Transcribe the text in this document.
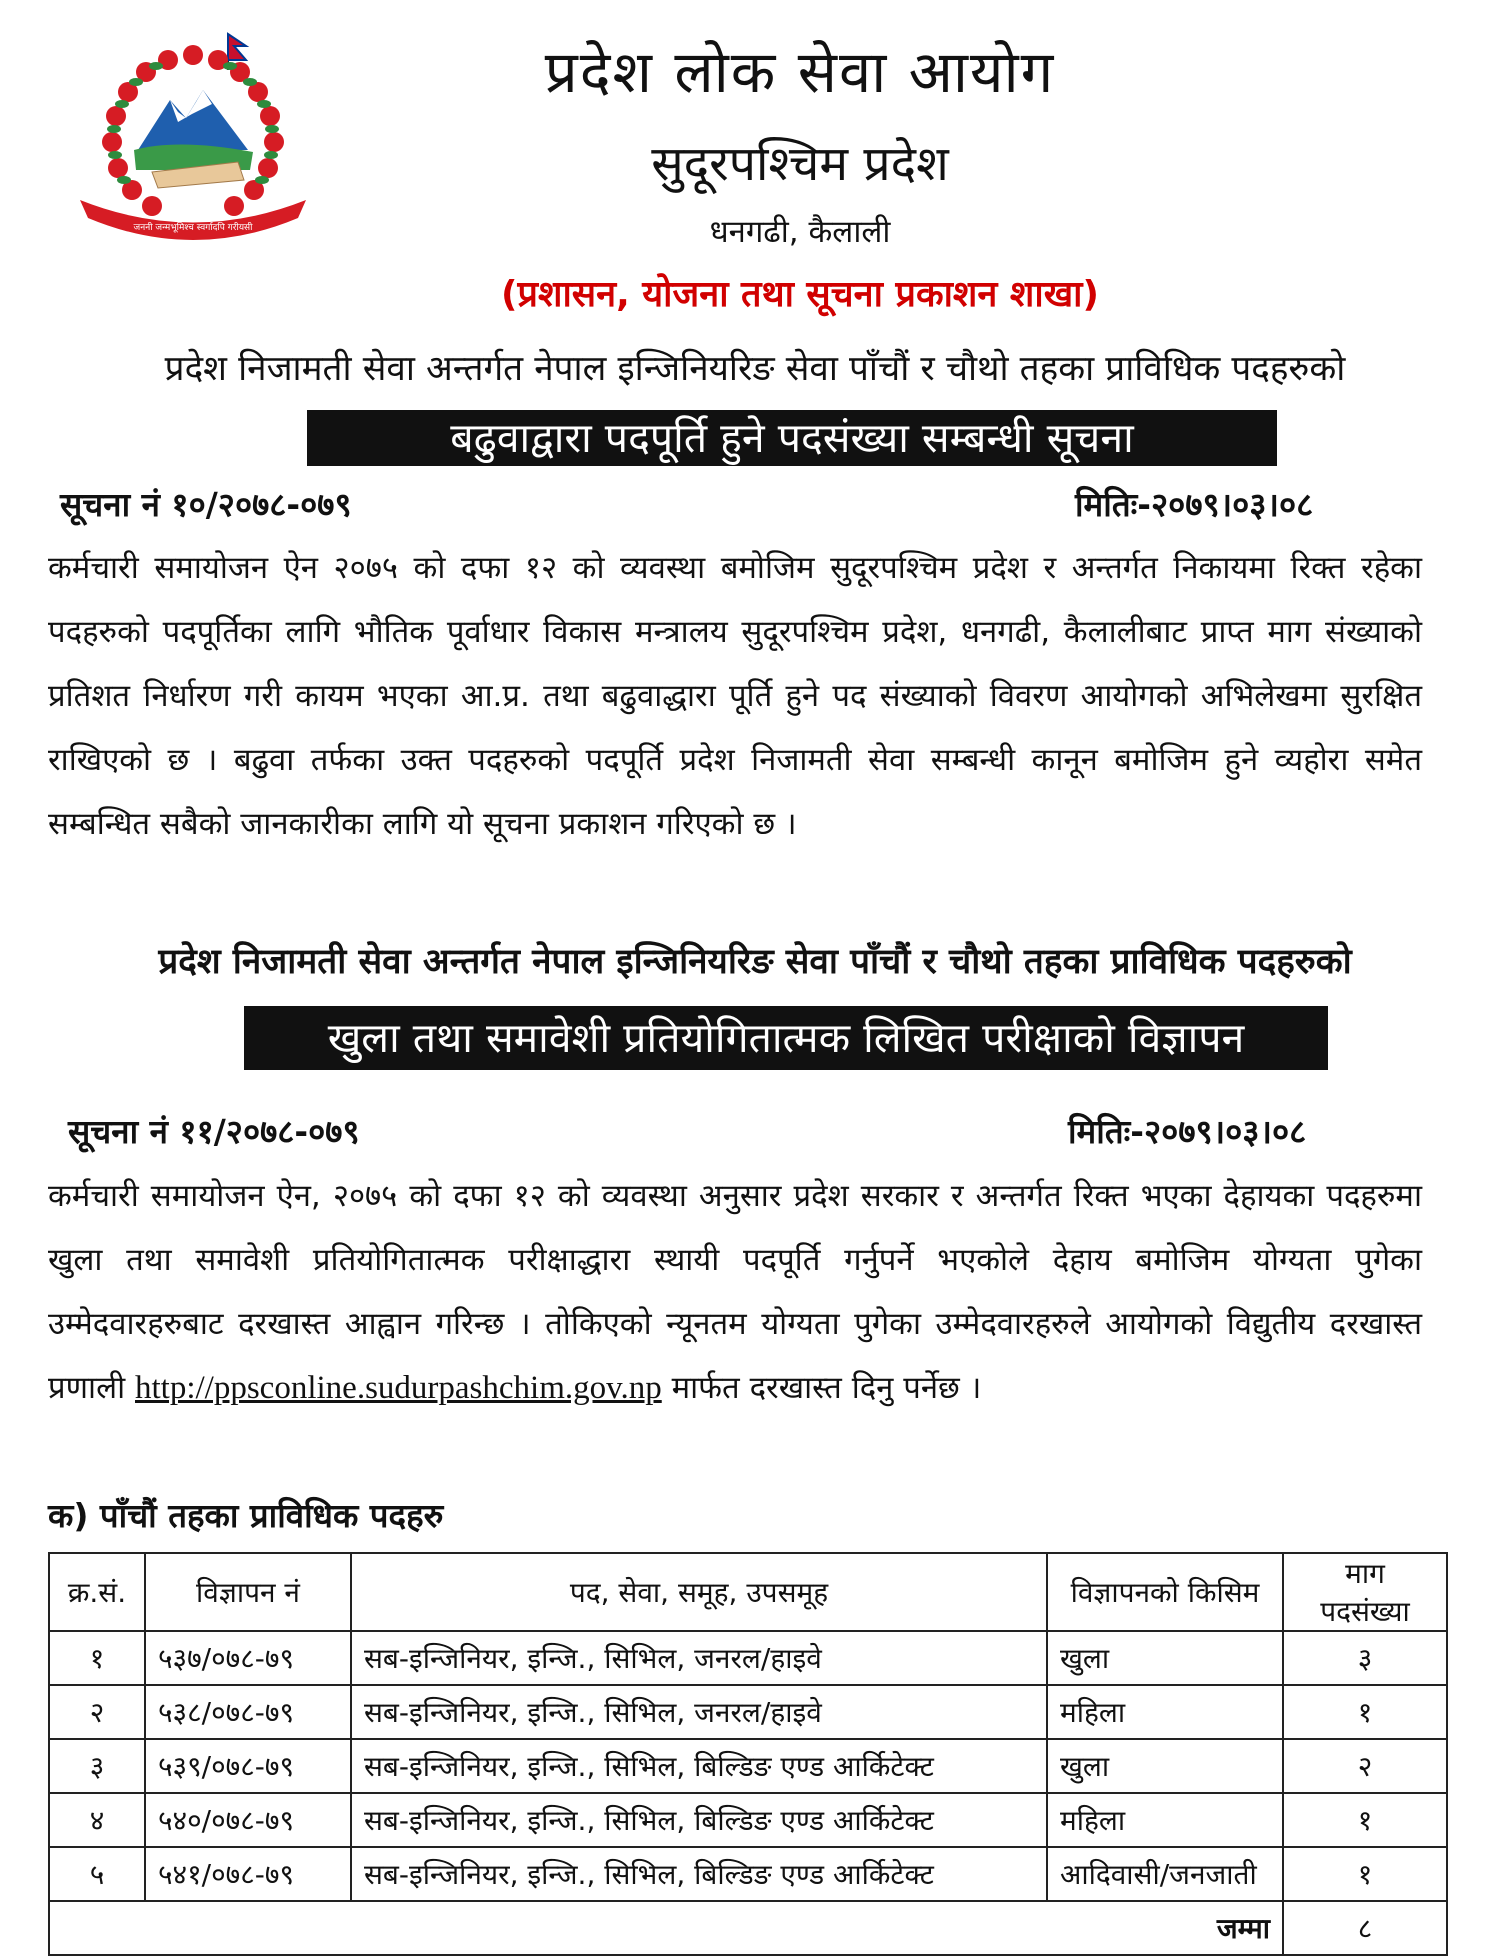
जननी जन्मभूमिश्च स्वर्गादपि गरीयसी
प्रदेश लोक सेवा आयोग
सुदूरपश्चिम प्रदेश
धनगढी, कैलाली
(प्रशासन, योजना तथा सूचना प्रकाशन शाखा)
प्रदेश निजामती सेवा अन्तर्गत नेपाल इन्जिनियरिङ सेवा पाँचौं र चौथो तहका प्राविधिक पदहरुको
बढुवाद्वारा पदपूर्ति हुने पदसंख्या सम्बन्धी सूचना
सूचना नं १०/२०७८-०७९	मितिः-२०७९।०३।०८
कर्मचारी समायोजन ऐन २०७५ को दफा १२ को व्यवस्था बमोजिम सुदूरपश्चिम प्रदेश र अन्तर्गत निकायमा रिक्त रहेका पदहरुको पदपूर्तिका लागि भौतिक पूर्वाधार विकास मन्त्रालय सुदूरपश्चिम प्रदेश, धनगढी, कैलालीबाट प्राप्त माग संख्याको प्रतिशत निर्धारण गरी कायम भएका आ.प्र. तथा बढुवाद्धारा पूर्ति हुने पद संख्याको विवरण आयोगको अभिलेखमा सुरक्षित राखिएको छ । बढुवा तर्फका उक्त पदहरुको पदपूर्ति प्रदेश निजामती सेवा सम्बन्धी कानून बमोजिम हुने व्यहोरा समेत सम्बन्धित सबैको जानकारीका लागि यो सूचना प्रकाशन गरिएको छ ।
प्रदेश निजामती सेवा अन्तर्गत नेपाल इन्जिनियरिङ सेवा पाँचौं र चौथो तहका प्राविधिक पदहरुको
खुला तथा समावेशी प्रतियोगितात्मक लिखित परीक्षाको विज्ञापन
सूचना नं ११/२०७८-०७९	मितिः-२०७९।०३।०८
कर्मचारी समायोजन ऐन, २०७५ को दफा १२ को व्यवस्था अनुसार प्रदेश सरकार र अन्तर्गत रिक्त भएका देहायका पदहरुमा खुला तथा समावेशी प्रतियोगितात्मक परीक्षाद्धारा स्थायी पदपूर्ति गर्नुपर्ने भएकोले देहाय बमोजिम योग्यता पुगेका उम्मेदवारहरुबाट दरखास्त आह्वान गरिन्छ । तोकिएको न्यूनतम योग्यता पुगेका उम्मेदवारहरुले आयोगको विद्युतीय दरखास्त प्रणाली http://ppsconline.sudurpashchim.gov.np मार्फत दरखास्त दिनु पर्नेछ ।
क) पाँचौं तहका प्राविधिक पदहरु
क्र.सं.	विज्ञापन नं	पद, सेवा, समूह, उपसमूह	विज्ञापनको किसिम	माग पदसंख्या
१	५३७/०७८-७९	सब-इन्जिनियर, इन्जि., सिभिल, जनरल/हाइवे	खुला	३
२	५३८/०७८-७९	सब-इन्जिनियर, इन्जि., सिभिल, जनरल/हाइवे	महिला	१
३	५३९/०७८-७९	सब-इन्जिनियर, इन्जि., सिभिल, बिल्डिङ एण्ड आर्किटेक्ट	खुला	२
४	५४०/०७८-७९	सब-इन्जिनियर, इन्जि., सिभिल, बिल्डिङ एण्ड आर्किटेक्ट	महिला	१
५	५४१/०७८-७९	सब-इन्जिनियर, इन्जि., सिभिल, बिल्डिङ एण्ड आर्किटेक्ट	आदिवासी/जनजाती	१
जम्मा				८
